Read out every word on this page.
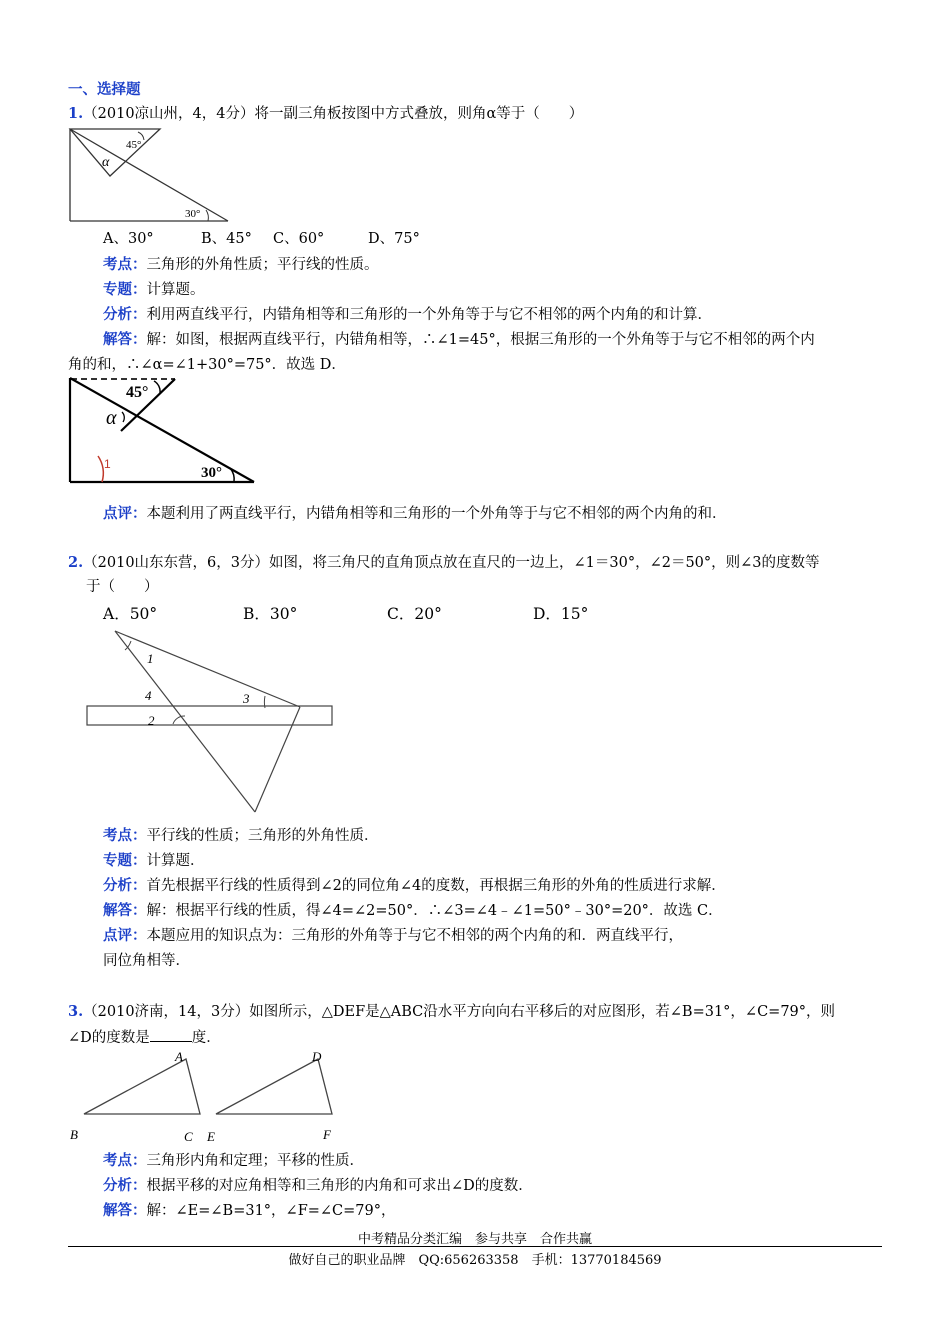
一、选择题
1.（2010凉山州，4，4分）将一副三角板按图中方式叠放，则角α等于（　　）
45°
α
30°
A、30°	B、45° C、60°	D、75°
考点：三角形的外角性质；平行线的性质。
专题：计算题。
分析：利用两直线平行，内错角相等和三角形的一个外角等于与它不相邻的两个内角的和计算．
解答：解：如图，根据两直线平行，内错角相等，∴∠1=45°，根据三角形的一个外角等于与它不相邻的两个内
角的和，∴∠α=∠1+30°=75°．故选 D．
45°
α
30°
1
点评：本题利用了两直线平行，内错角相等和三角形的一个外角等于与它不相邻的两个内角的和．
2.（2010山东东营，6，3分）如图，将三角尺的直角顶点放在直尺的一边上，∠1＝30°，∠2＝50°，则∠3的度数等
于（　　）
A．50°	B．30°	C．20°	D．15°
1
4	3
2
考点：平行线的性质；三角形的外角性质．
专题：计算题．
分析：首先根据平行线的性质得到∠2的同位角∠4的度数，再根据三角形的外角的性质进行求解．
解答：解：根据平行线的性质，得∠4=∠2=50°．∴∠3=∠4﹣∠1=50°﹣30°=20°．故选 C．
点评：本题应用的知识点为：三角形的外角等于与它不相邻的两个内角的和．两直线平行，
同位角相等．
3.（2010济南，14，3分）如图所示，△DEF是△ABC沿水平方向向右平移后的对应图形，若∠B=31°，∠C=79°，则
∠D的度数是	度．
A	D
B	C E	F
考点：三角形内角和定理；平移的性质．
分析：根据平移的对应角相等和三角形的内角和可求出∠D的度数．
解答：解：∠E=∠B=31°，∠F=∠C=79°，
中考精品分类汇编　参与共享　合作共赢
做好自己的职业品牌　QQ:656263358　手机：13770184569
